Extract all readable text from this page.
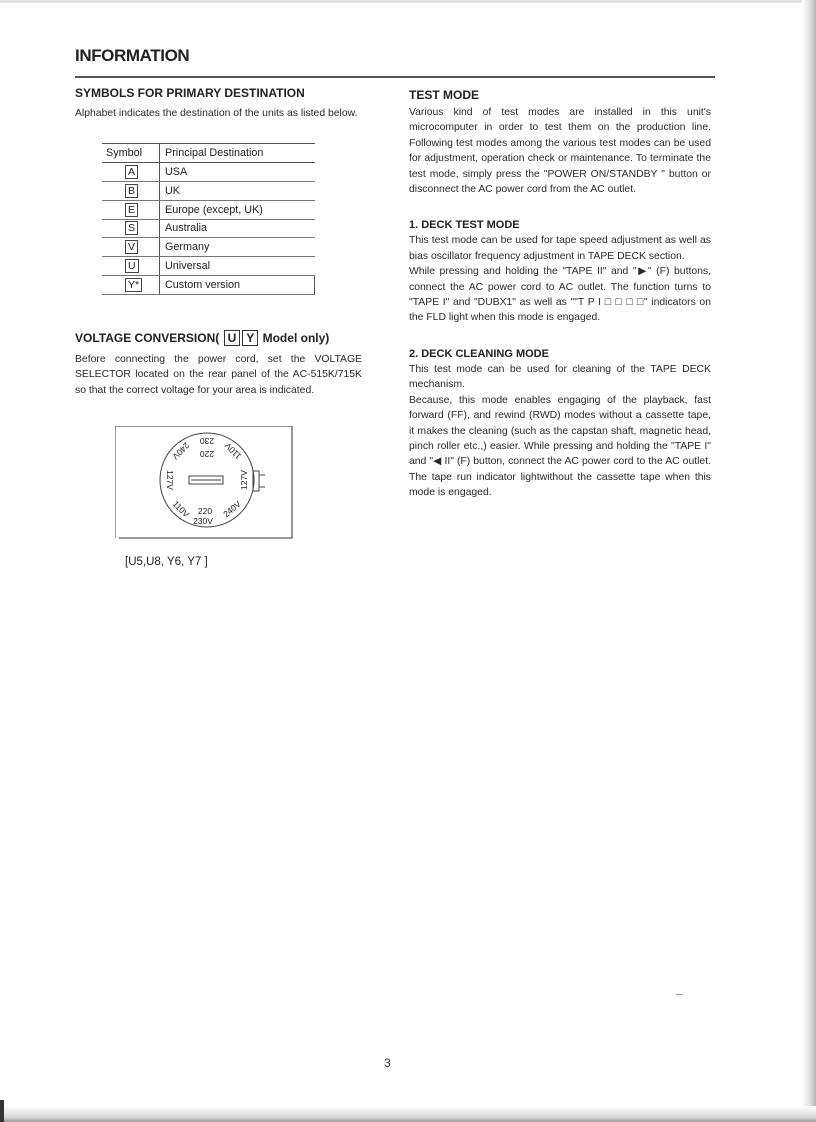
INFORMATION
SYMBOLS FOR PRIMARY DESTINATION

Alphabet indicates the destination of the units as listed below.

Symbol	Principal Destination
A	USA
B	UK
E	Europe (except, UK)
S	Australia
V	Germany
U	Universal
Y*	Custom version
VOLTAGE CONVERSION( U Y Model only)

Before connecting the power cord, set the VOLTAGE SELECTOR located on the rear panel of the AC-515K/715K so that the correct voltage for your area is indicated.

230
220 110V
240V
127V
127V
110V 220 240V
230V
[U5,U8, Y6, Y7 ]
TEST MODE

Various kind of test modes are installed in this unit's microcomputer in order to test them on the production line. Following test modes among the various test modes can be used for adjustment, operation check or maintenance. To terminate the test mode, simply press the "POWER ON/STANDBY " button or disconnect the AC power cord from the AC outlet.

1. DECK TEST MODE

This test mode can be used for tape speed adjustment as well as bias oscillator frequency adjustment in TAPE DECK section.

While pressing and holding the "TAPE II" and "▶" (F) buttons, connect the AC power cord to AC outlet. The function turns to "TAPE I" and "DUBX1" as well as ""T P I □ □ □ □" indicators on the FLD light when this mode is engaged.

2. DECK CLEANING MODE

This test mode can be used for cleaning of the TAPE DECK mechanism.

Because, this mode enables engaging of the playback, fast forward (FF), and rewind (RWD) modes without a cassette tape, it makes the cleaning (such as the capstan shaft, magnetic head, pinch roller etc.,) easier. While pressing and holding the "TAPE I" and "◀ II" (F) button, connect the AC power cord to the AC outlet. The tape run indicator lightwithout the cassette tape when this mode is engaged.

3
